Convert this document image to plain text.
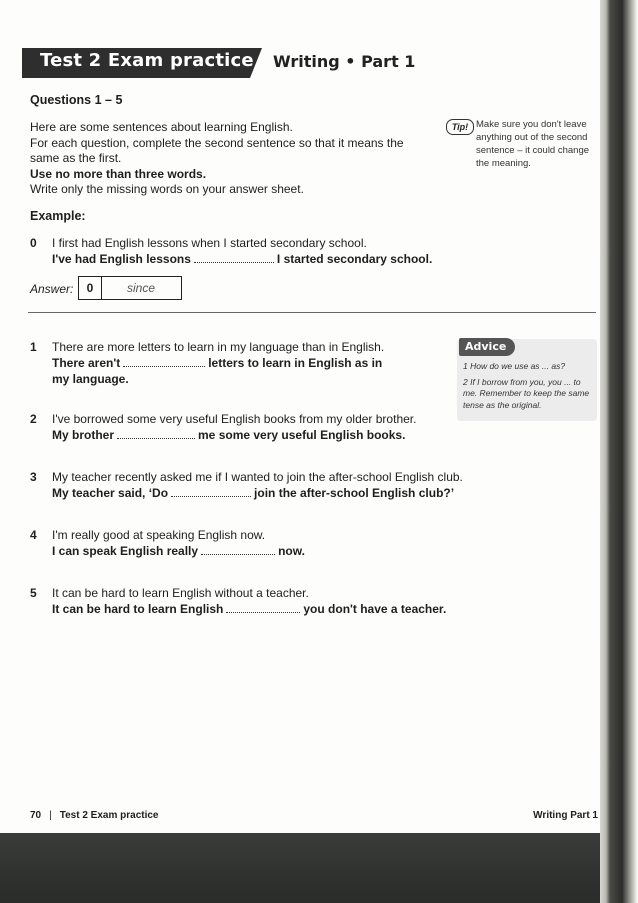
Test 2 Exam practice Writing • Part 1
Questions 1 – 5
Here are some sentences about learning English.
For each question, complete the second sentence so that it means the
same as the first.
Use no more than three words.
Write only the missing words on your answer sheet.
Tip! Make sure you don't leave anything out of the second sentence – it could change the meaning.
Example:
0 I first had English lessons when I started secondary school.
I've had English lessons	I started secondary school.
Answer:	0	since
1 There are more letters to learn in my language than in English.
There aren't	letters to learn in English as in
my language.
2 I've borrowed some very useful English books from my older brother.
My brother	me some very useful English books.
3 My teacher recently asked me if I wanted to join the after-school English club.
My teacher said, ‘Do	join the after-school English club?’
4 I'm really good at speaking English now.
I can speak English really	now.
5 It can be hard to learn English without a teacher.
It can be hard to learn English	you don't have a teacher.
Advice
1 How do we use as ... as?
2 If I borrow from you, you ... to me. Remember to keep the same tense as the original.
70 | Test 2 Exam practice	Writing Part 1
